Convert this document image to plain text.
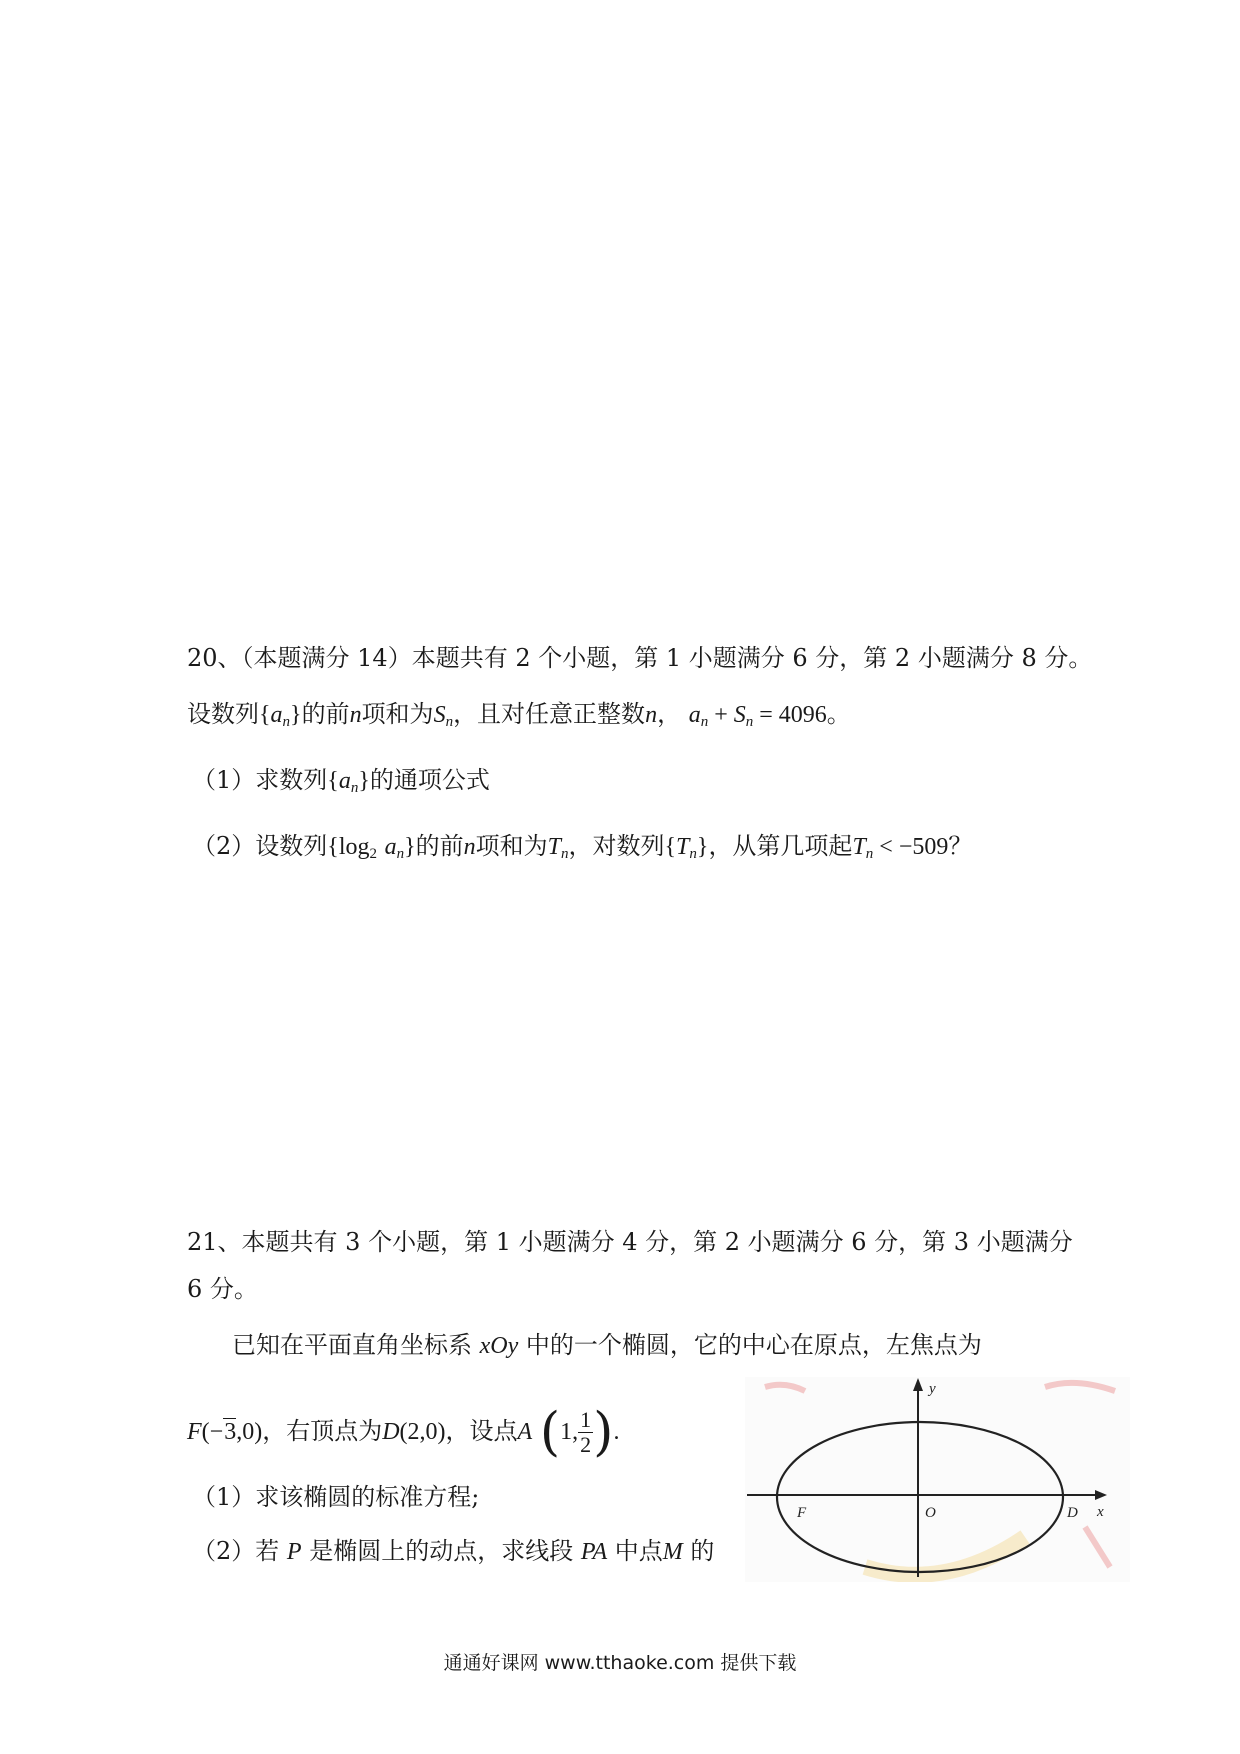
20、（本题满分 14）本题共有 2 个小题，第 1 小题满分 6 分，第 2 小题满分 8 分。
设数列$\{a_n\}$的前n项和为$S_n$，且对任意正整数n， $a_n + S_n = 4096$。
（1）求数列$\{a_n\}$的通项公式
（2）设数列{$\log_2$ $a_n$}的前n项和为$T_n$，对数列$\{T_n\}$，从第几项起$T_n < -509$？
21、本题共有 3 个小题，第 1 小题满分 4 分，第 2 小题满分 6 分，第 3 小题满分
6 分。
已知在平面直角坐标系 xOy 中的一个椭圆，它的中心在原点，左焦点为
F(−3,0)，右顶点为D(2,0)，设点A (1, $\frac{1}{2}$ ).
（1）求该椭圆的标准方程;
（2）若 P 是椭圆上的动点，求线段 PA 中点M 的
y
x
F	O	D
通通好课网 www.tthaoke.com 提供下载
